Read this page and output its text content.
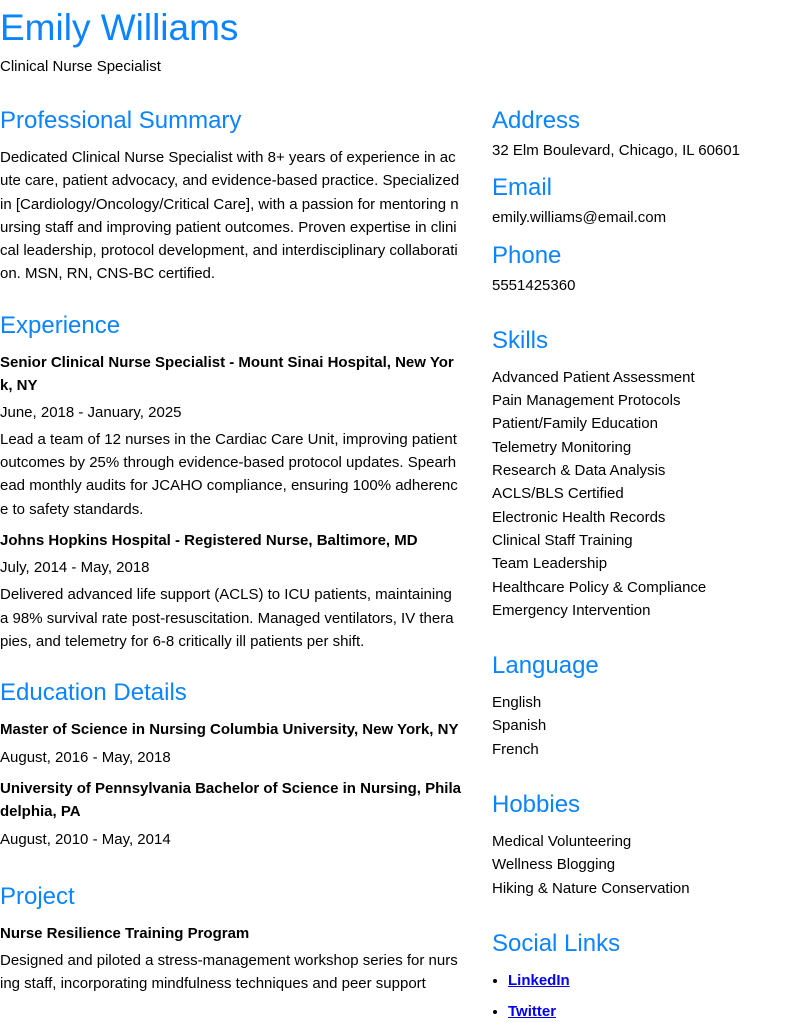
Emily Williams
Clinical Nurse Specialist
Professional Summary
Dedicated Clinical Nurse Specialist with 8+ years of experience in acute care, patient advocacy, and evidence-based practice. Specialized in [Cardiology/Oncology/Critical Care], with a passion for mentoring nursing staff and improving patient outcomes. Proven expertise in clinical leadership, protocol development, and interdisciplinary collaboration. MSN, RN, CNS-BC certified.
Experience
Senior Clinical Nurse Specialist - Mount Sinai Hospital, New York, NY
June, 2018 - January, 2025
Lead a team of 12 nurses in the Cardiac Care Unit, improving patient outcomes by 25% through evidence-based protocol updates. Spearhead monthly audits for JCAHO compliance, ensuring 100% adherence to safety standards.
Johns Hopkins Hospital - Registered Nurse, Baltimore, MD
July, 2014 - May, 2018
Delivered advanced life support (ACLS) to ICU patients, maintaining a 98% survival rate post-resuscitation. Managed ventilators, IV therapies, and telemetry for 6-8 critically ill patients per shift.
Education Details
Master of Science in Nursing Columbia University, New York, NY
August, 2016 - May, 2018
University of Pennsylvania Bachelor of Science in Nursing, Philadelphia, PA
August, 2010 - May, 2014
Project
Nurse Resilience Training Program
Designed and piloted a stress-management workshop series for nursing staff, incorporating mindfulness techniques and peer support
Address
32 Elm Boulevard, Chicago, IL 60601
Email
emily.williams@email.com
Phone
5551425360
Skills
Advanced Patient Assessment
Pain Management Protocols
Patient/Family Education
Telemetry Monitoring
Research & Data Analysis
ACLS/BLS Certified
Electronic Health Records
Clinical Staff Training
Team Leadership
Healthcare Policy & Compliance
Emergency Intervention
Language
English
Spanish
French
Hobbies
Medical Volunteering
Wellness Blogging
Hiking & Nature Conservation
Social Links
• LinkedIn
• Twitter
